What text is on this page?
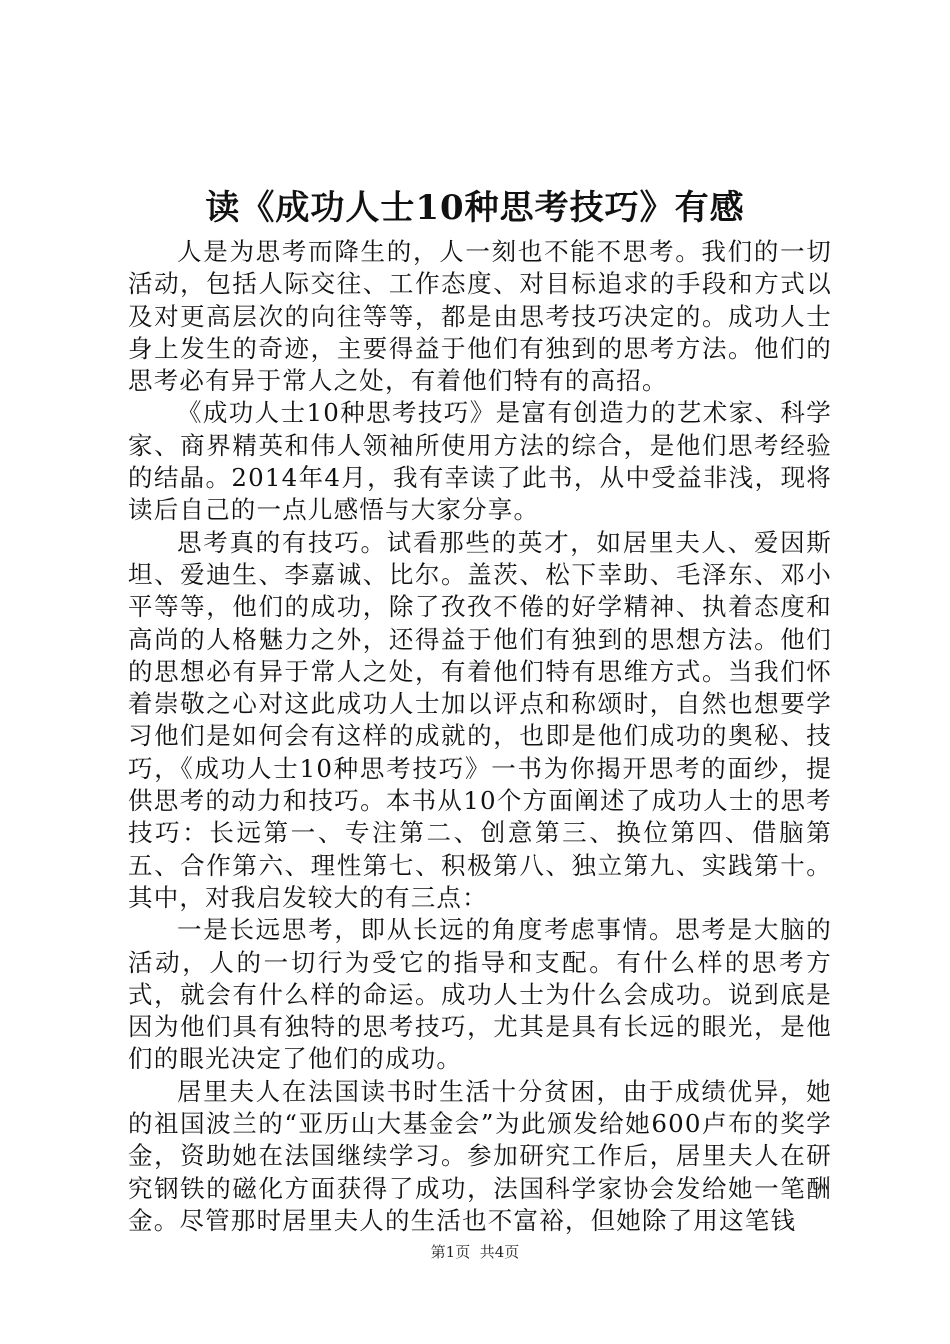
读《成功人士10种思考技巧》有感

人是为思考而降生的，人一刻也不能不思考。我们的一切活动，包括人际交往、工作态度、对目标追求的手段和方式以及对更高层次的向往等等，都是由思考技巧决定的。成功人士身上发生的奇迹，主要得益于他们有独到的思考方法。他们的思考必有异于常人之处，有着他们特有的高招。

《成功人士10种思考技巧》是富有创造力的艺术家、科学家、商界精英和伟人领袖所使用方法的综合，是他们思考经验的结晶。2014年4月，我有幸读了此书，从中受益非浅，现将读后自己的一点儿感悟与大家分享。

思考真的有技巧。试看那些的英才，如居里夫人、爱因斯坦、爱迪生、李嘉诚、比尔。盖茨、松下幸助、毛泽东、邓小平等等，他们的成功，除了孜孜不倦的好学精神、执着态度和高尚的人格魅力之外，还得益于他们有独到的思想方法。他们的思想必有异于常人之处，有着他们特有思维方式。当我们怀着崇敬之心对这此成功人士加以评点和称颂时，自然也想要学习他们是如何会有这样的成就的，也即是他们成功的奥秘、技巧，《成功人士10种思考技巧》一书为你揭开思考的面纱，提供思考的动力和技巧。本书从10个方面阐述了成功人士的思考技巧：长远第一、专注第二、创意第三、换位第四、借脑第五、合作第六、理性第七、积极第八、独立第九、实践第十。其中，对我启发较大的有三点：

一是长远思考，即从长远的角度考虑事情。思考是大脑的活动，人的一切行为受它的指导和支配。有什么样的思考方式，就会有什么样的命运。成功人士为什么会成功。说到底是因为他们具有独特的思考技巧，尤其是具有长远的眼光，是他们的眼光决定了他们的成功。

居里夫人在法国读书时生活十分贫困，由于成绩优异，她的祖国波兰的“亚历山大基金会”为此颁发给她600卢布的奖学金，资助她在法国继续学习。参加研究工作后，居里夫人在研究钢铁的磁化方面获得了成功，法国科学家协会发给她一笔酬金。尽管那时居里夫人的生活也不富裕，但她除了用这笔钱

第1页 共4页
